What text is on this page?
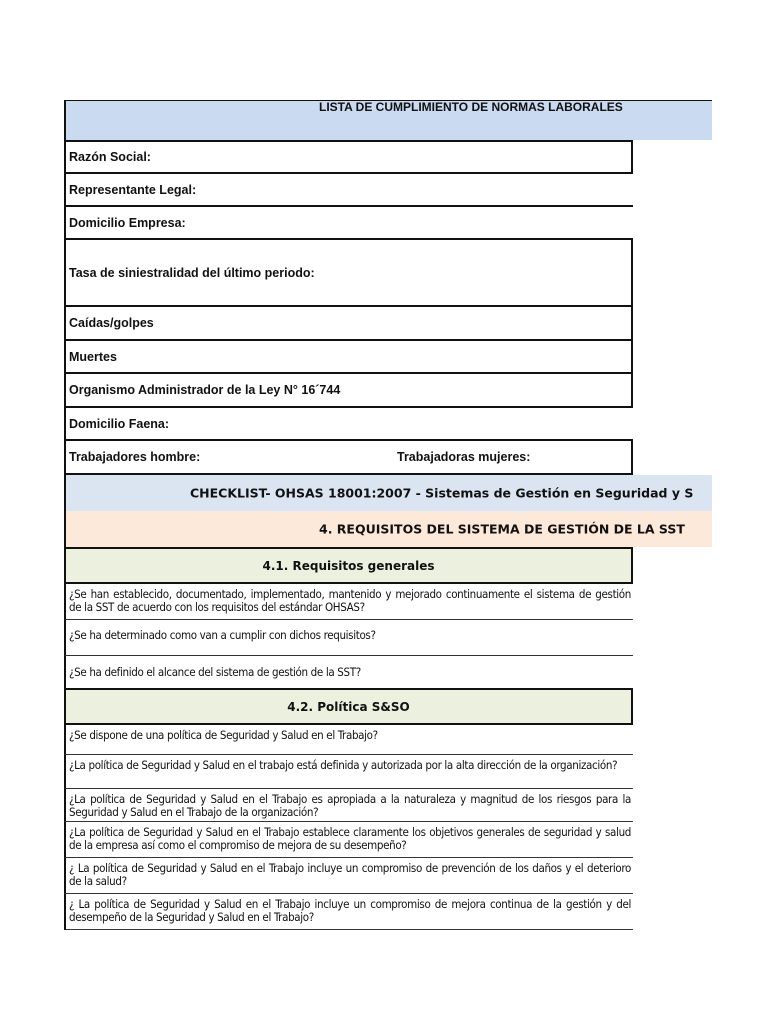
LISTA DE CUMPLIMIENTO DE NORMAS LABORALES
Razón Social:
Representante Legal:
Domicilio Empresa:
Tasa de siniestralidad del último periodo:
Caídas/golpes
Muertes
Organismo Administrador de la Ley N° 16´744
Domicilio Faena:
Trabajadores hombre:	Trabajadoras mujeres:
CHECKLIST- OHSAS 18001:2007 - Sistemas de Gestión en Seguridad y S
4. REQUISITOS DEL SISTEMA DE GESTIÓN DE LA SST
4.1. Requisitos generales
¿Se han establecido, documentado, implementado, mantenido y mejorado continuamente el sistema de gestión de la SST de acuerdo con los requisitos del estándar OHSAS?
¿Se ha determinado como van a cumplir con dichos requisitos?
¿Se ha definido el alcance del sistema de gestión de la SST?
4.2. Política S&SO
¿Se dispone de una política de Seguridad y Salud en el Trabajo?
¿La política de Seguridad y Salud en el trabajo está definida y autorizada por la alta dirección de la organización?
¿La política de Seguridad y Salud en el Trabajo es apropiada a la naturaleza y magnitud de los riesgos para la Seguridad y Salud en el Trabajo de la organización?
¿La política de Seguridad y Salud en el Trabajo establece claramente los objetivos generales de seguridad y salud de la empresa así como el compromiso de mejora de su desempeño?
¿ La política de Seguridad y Salud en el Trabajo incluye un compromiso de prevención de los daños y el deterioro de la salud?
¿ La política de Seguridad y Salud en el Trabajo incluye un compromiso de mejora continua de la gestión y del desempeño de la Seguridad y Salud en el Trabajo?
